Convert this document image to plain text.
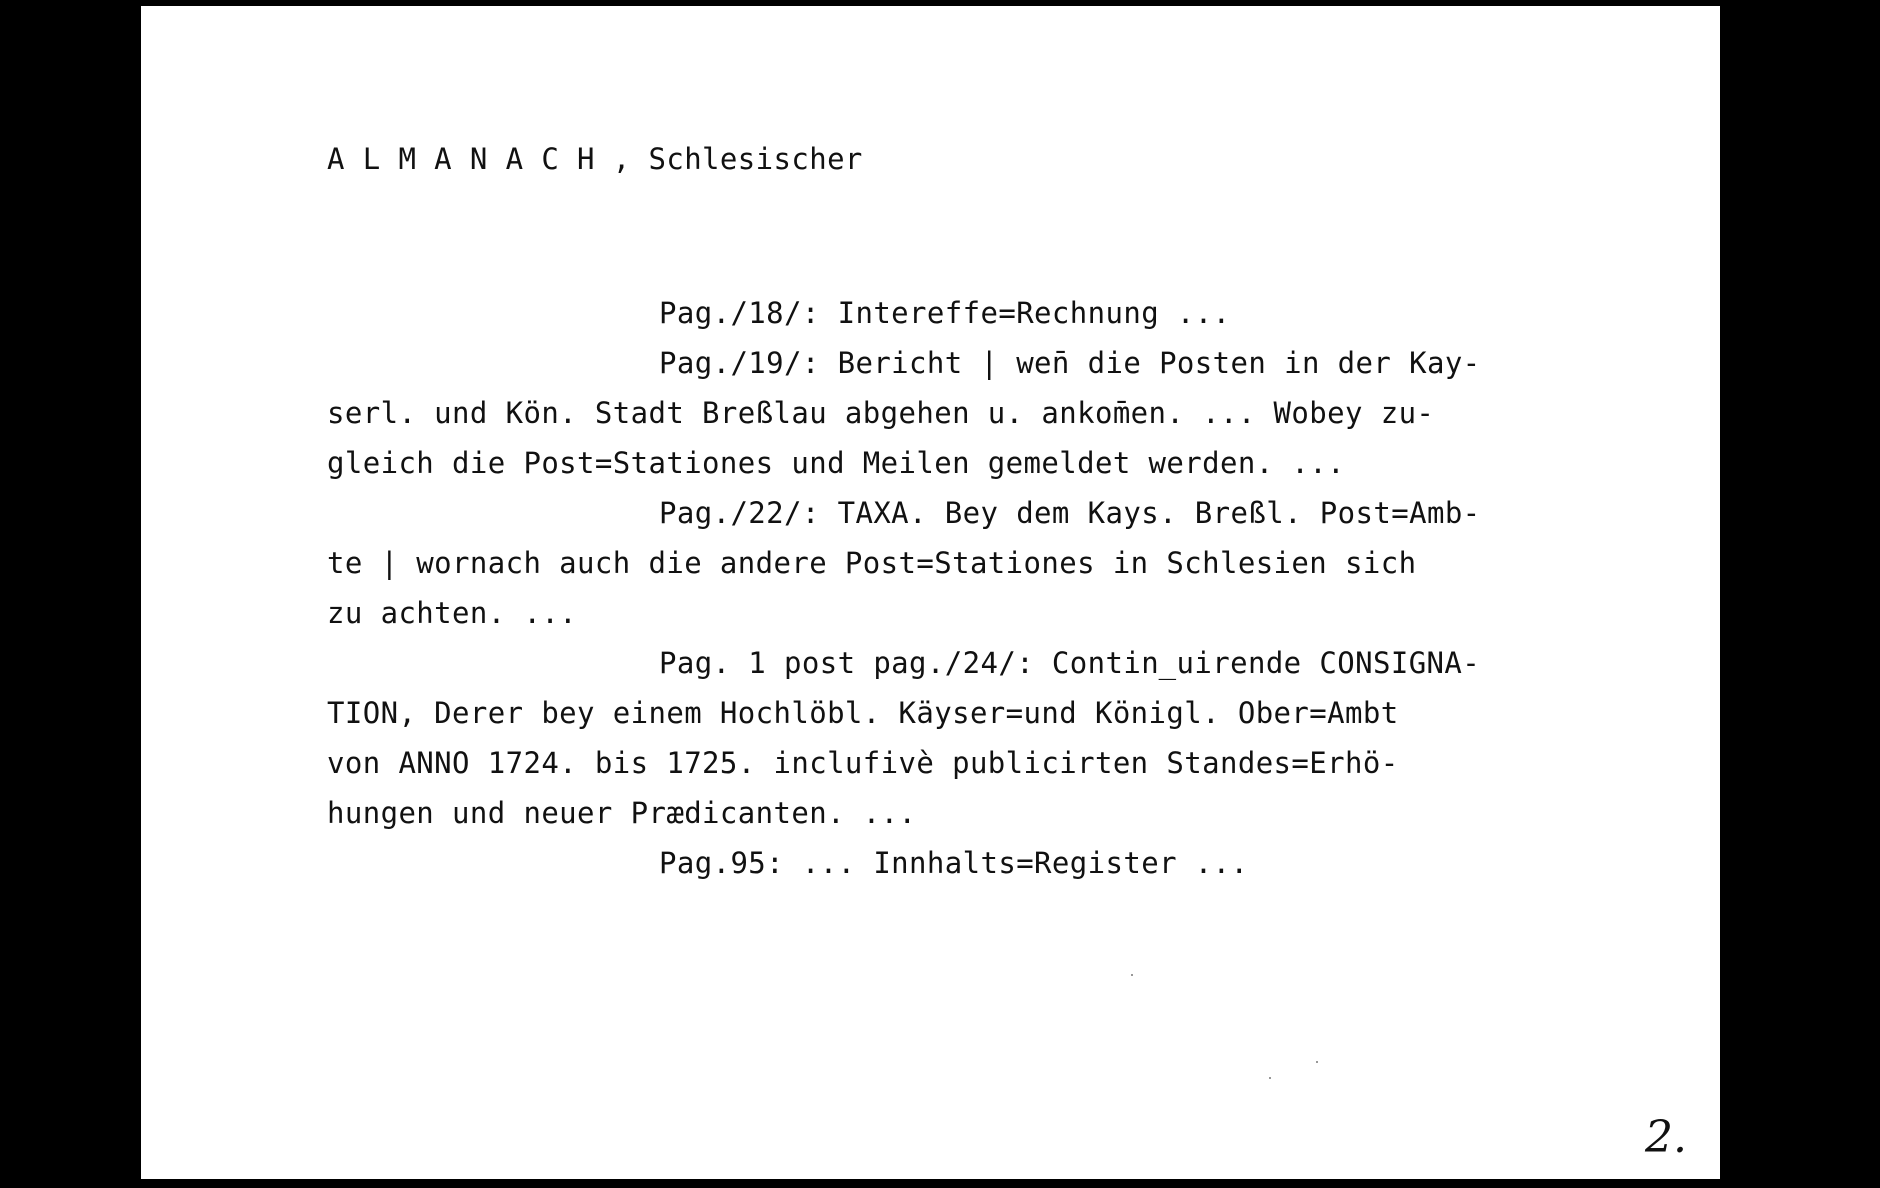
A L M A N A C H , Schlesischer
Pag./18/: Intereffe=Rechnung ...
Pag./19/: Bericht | wen̄ die Posten in der Kay-
serl. und Kön. Stadt Breßlau abgehen u. ankom̄en. ... Wobey zu-
gleich die Post=Stationes und Meilen gemeldet werden. ...
Pag./22/: TAXA. Bey dem Kays. Breßl. Post=Amb-
te | wornach auch die andere Post=Stationes in Schlesien sich
zu achten. ...
Pag. 1 post pag./24/: Contin̲uirende CONSIGNA-
TION, Derer bey einem Hochlöbl. Käyser=und Königl. Ober=Ambt
von ANNO 1724. bis 1725. inclufivè publicirten Standes=Erhö-
hungen und neuer Prædicanten. ...
Pag.95: ... Innhalts=Register ...
2.
